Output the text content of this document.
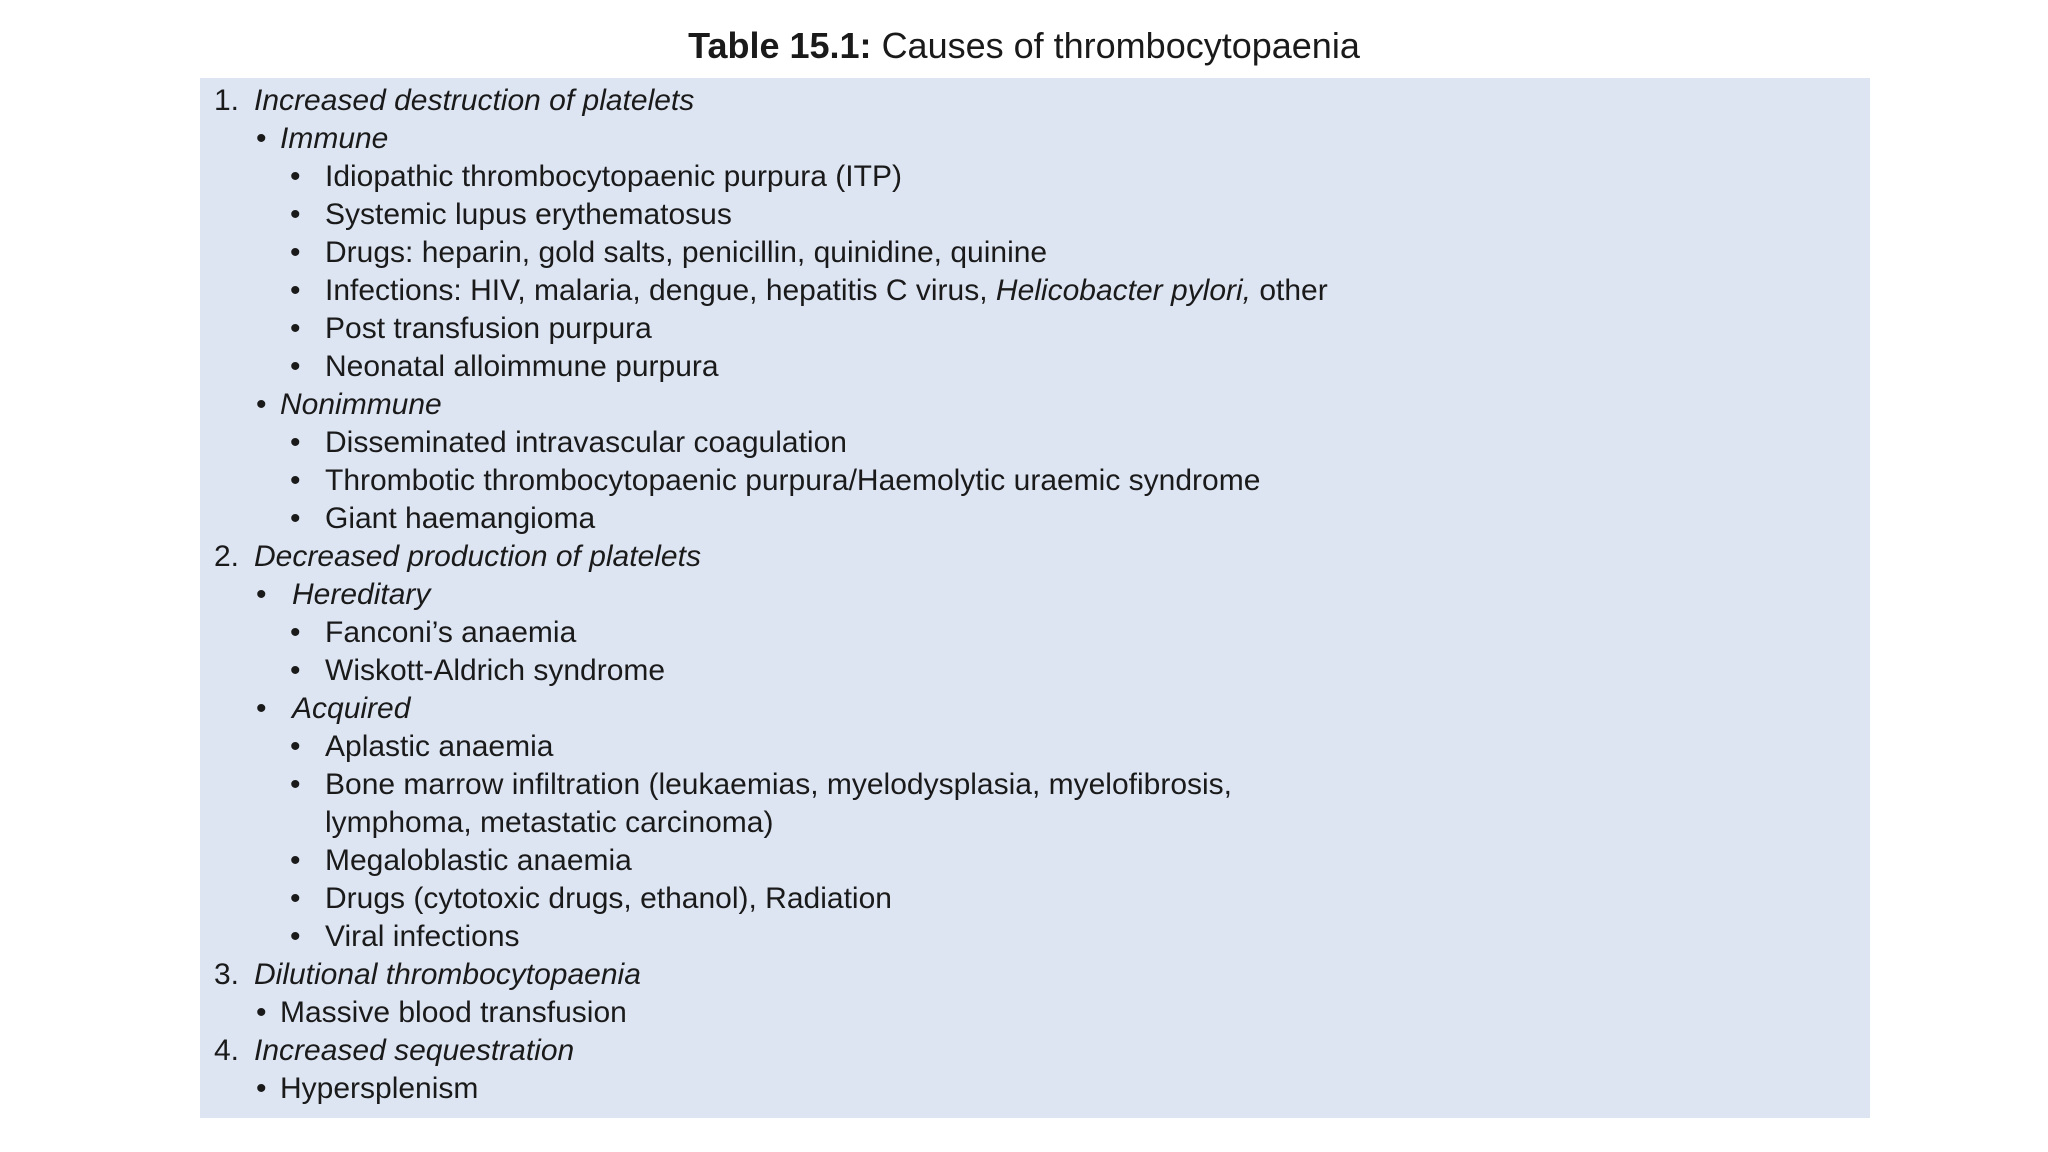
Table 15.1: Causes of thrombocytopaenia
1. Increased destruction of platelets
• Immune
• Idiopathic thrombocytopaenic purpura (ITP)
• Systemic lupus erythematosus
• Drugs: heparin, gold salts, penicillin, quinidine, quinine
• Infections: HIV, malaria, dengue, hepatitis C virus, Helicobacter pylori, other
• Post transfusion purpura
• Neonatal alloimmune purpura
• Nonimmune
• Disseminated intravascular coagulation
• Thrombotic thrombocytopaenic purpura/Haemolytic uraemic syndrome
• Giant haemangioma
2. Decreased production of platelets
• Hereditary
• Fanconi’s anaemia
• Wiskott-Aldrich syndrome
• Acquired
• Aplastic anaemia
• Bone marrow infiltration (leukaemias, myelodysplasia, myelofibrosis,
lymphoma, metastatic carcinoma)
• Megaloblastic anaemia
• Drugs (cytotoxic drugs, ethanol), Radiation
• Viral infections
3. Dilutional thrombocytopaenia
• Massive blood transfusion
4. Increased sequestration
• Hypersplenism
